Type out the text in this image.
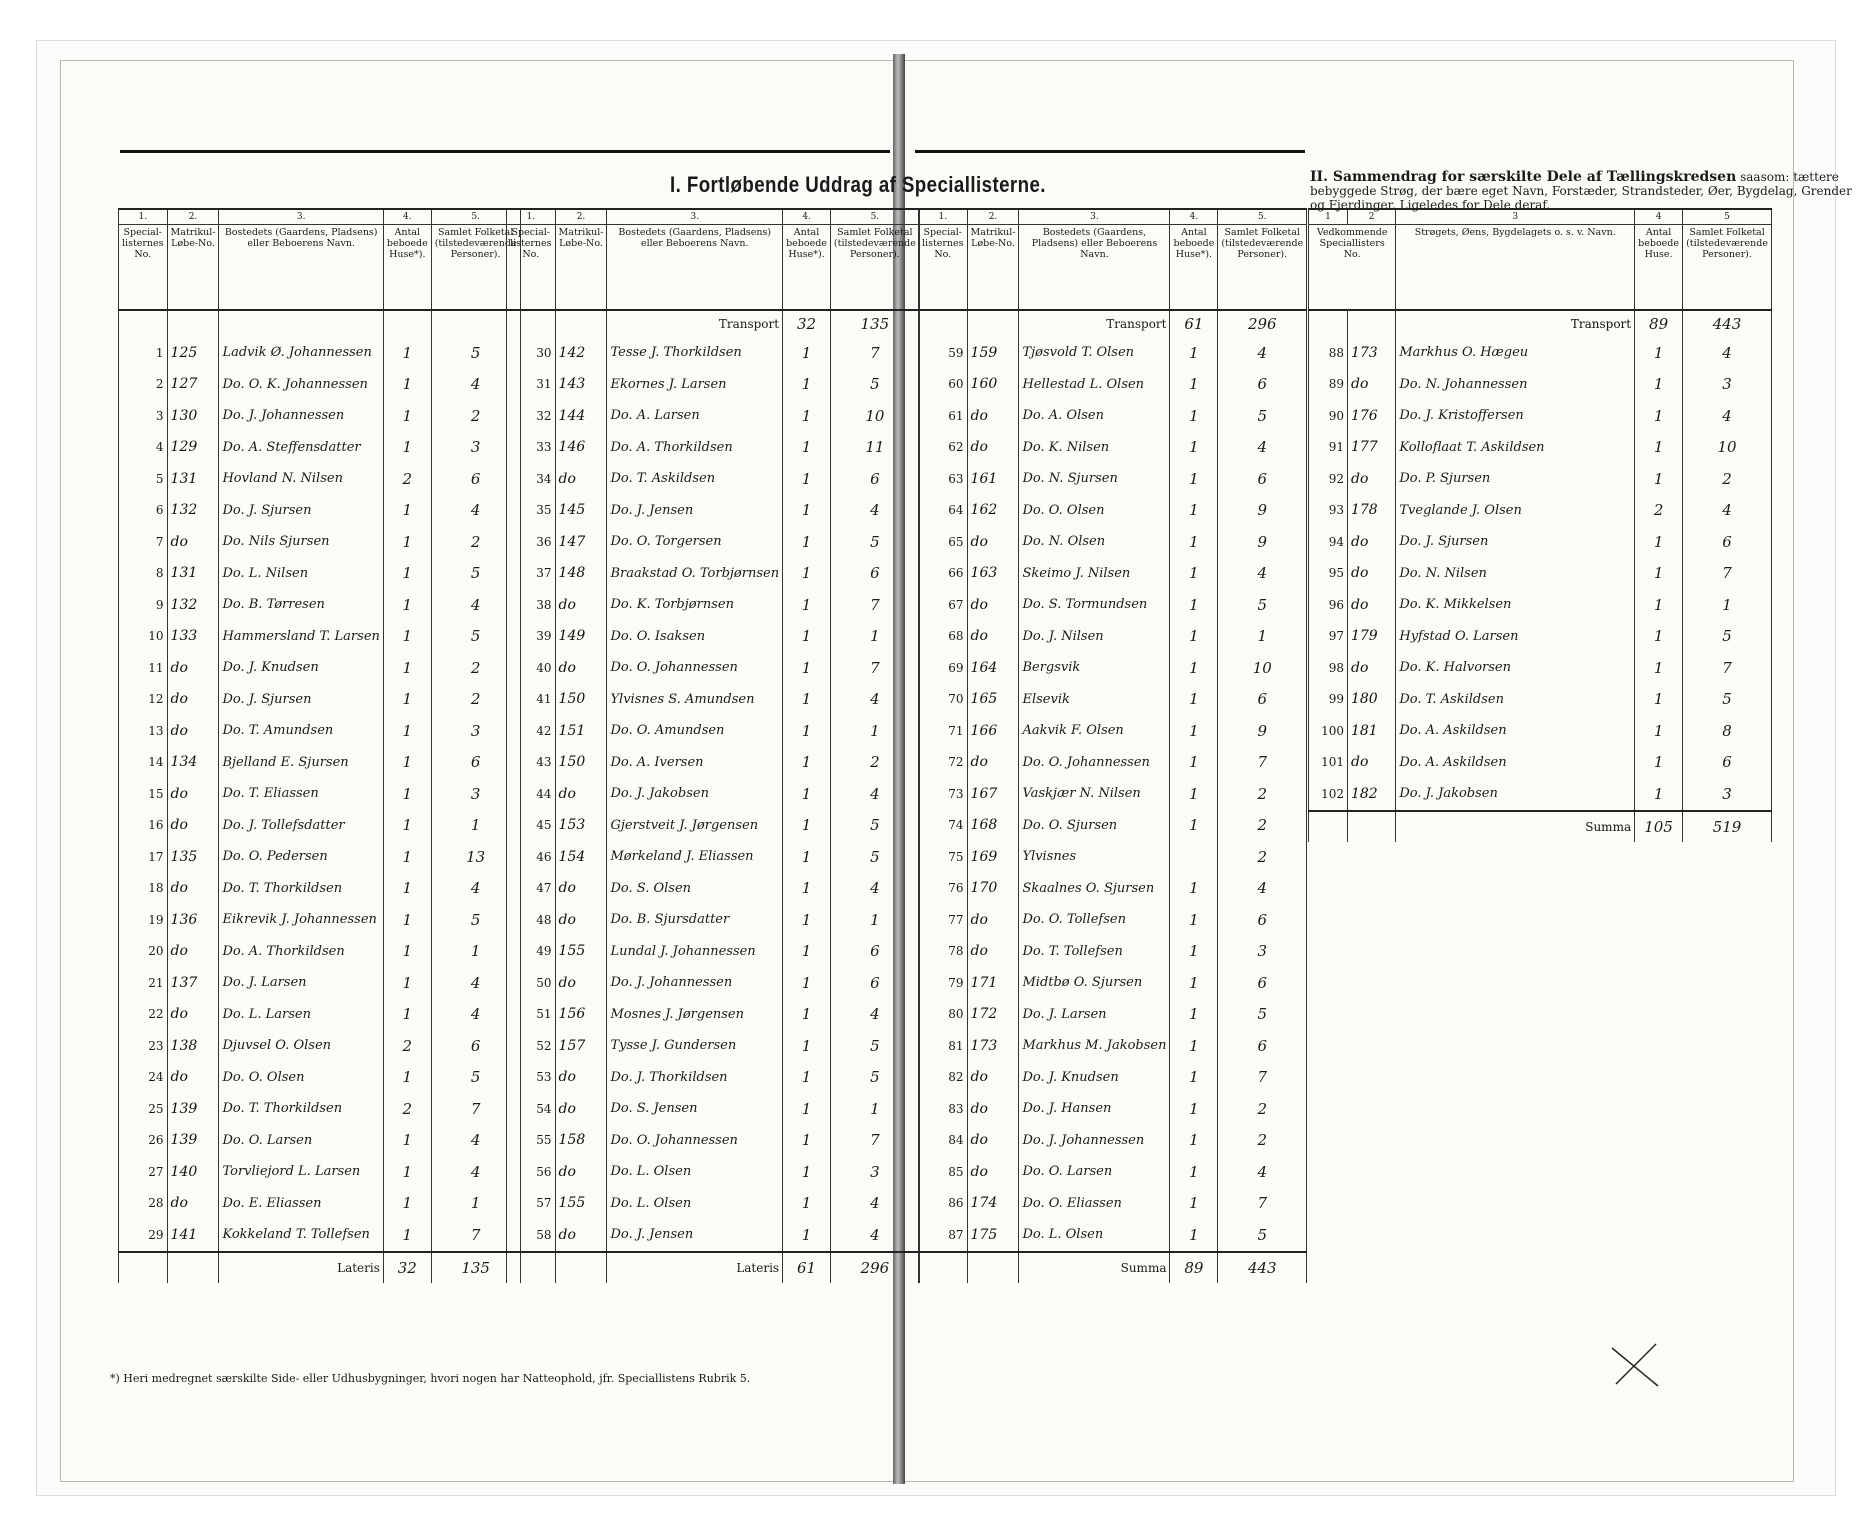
I. Fortløbende Uddrag af Speciallisterne.	II. Sammendrag for særskilte Dele af Tællingskredsen saasom: tættere bebyggede Strøg, der bære eget Navn, Forstæder, Strandsteder, Øer, Bygdelag, Grender og Fjerdinger. Ligeledes for Dele deraf.
1.	2.	3.	4.	5.
Special-listernes No.	Matrikul-Løbe-No.	Bostedets (Gaardens, Pladsens) eller Beboerens Navn.	Antal beboede Huse*).	Samlet Folketal (tilstedeværende Personer).

1	125	Ladvik Ø. Johannessen	1	5
2	127	Do. O. K. Johannessen	1	4
3	130	Do. J. Johannessen	1	2
4	129	Do. A. Steffensdatter	1	3
5	131	Hovland N. Nilsen	2	6
6	132	Do. J. Sjursen	1	4
7	do	Do. Nils Sjursen	1	2
8	131	Do. L. Nilsen	1	5
9	132	Do. B. Tørresen	1	4
10	133	Hammersland T. Larsen	1	5
11	do	Do. J. Knudsen	1	2
12	do	Do. J. Sjursen	1	2
13	do	Do. T. Amundsen	1	3
14	134	Bjelland E. Sjursen	1	6
15	do	Do. T. Eliassen	1	3
16	do	Do. J. Tollefsdatter	1	1
17	135	Do. O. Pedersen	1	13
18	do	Do. T. Thorkildsen	1	4
19	136	Eikrevik J. Johannessen	1	5
20	do	Do. A. Thorkildsen	1	1
21	137	Do. J. Larsen	1	4
22	do	Do. L. Larsen	1	4
23	138	Djuvsel O. Olsen	2	6
24	do	Do. O. Olsen	1	5
25	139	Do. T. Thorkildsen	2	7
26	139	Do. O. Larsen	1	4
27	140	Torvliejord L. Larsen	1	4
28	do	Do. E. Eliassen	1	1
29	141	Kokkeland T. Tollefsen	1	7
		Lateris	32	135
1.	2.	3.	4.	5.
Special-listernes No.	Matrikul-Løbe-No.	Bostedets (Gaardens, Pladsens) eller Beboerens Navn.	Antal beboede Huse*).	Samlet Folketal (tilstedeværende Personer).
		Transport	32	135
30	142	Tesse J. Thorkildsen	1	7
31	143	Ekornes J. Larsen	1	5
32	144	Do. A. Larsen	1	10
33	146	Do. A. Thorkildsen	1	11
34	do	Do. T. Askildsen	1	6
35	145	Do. J. Jensen	1	4
36	147	Do. O. Torgersen	1	5
37	148	Braakstad O. Torbjørnsen	1	6
38	do	Do. K. Torbjørnsen	1	7
39	149	Do. O. Isaksen	1	1
40	do	Do. O. Johannessen	1	7
41	150	Ylvisnes S. Amundsen	1	4
42	151	Do. O. Amundsen	1	1
43	150	Do. A. Iversen	1	2
44	do	Do. J. Jakobsen	1	4
45	153	Gjerstveit J. Jørgensen	1	5
46	154	Mørkeland J. Eliassen	1	5
47	do	Do. S. Olsen	1	4
48	do	Do. B. Sjursdatter	1	1
49	155	Lundal J. Johannessen	1	6
50	do	Do. J. Johannessen	1	6
51	156	Mosnes J. Jørgensen	1	4
52	157	Tysse J. Gundersen	1	5
53	do	Do. J. Thorkildsen	1	5
54	do	Do. S. Jensen	1	1
55	158	Do. O. Johannessen	1	7
56	do	Do. L. Olsen	1	3
57	155	Do. L. Olsen	1	4
58	do	Do. J. Jensen	1	4
		Lateris	61	296
1.	2.	3.	4.	5.
Special-listernes No.	Matrikul-Løbe-No.	Bostedets (Gaardens, Pladsens) eller Beboerens Navn.	Antal beboede Huse*).	Samlet Folketal (tilstedeværende Personer).
		Transport	61	296
59	159	Tjøsvold T. Olsen	1	4
60	160	Hellestad L. Olsen	1	6
61	do	Do. A. Olsen	1	5
62	do	Do. K. Nilsen	1	4
63	161	Do. N. Sjursen	1	6
64	162	Do. O. Olsen	1	9
65	do	Do. N. Olsen	1	9
66	163	Skeimo J. Nilsen	1	4
67	do	Do. S. Tormundsen	1	5
68	do	Do. J. Nilsen	1	1
69	164	Bergsvik	1	10
70	165	Elsevik	1	6
71	166	Aakvik F. Olsen	1	9
72	do	Do. O. Johannessen	1	7
73	167	Vaskjær N. Nilsen	1	2
74	168	Do. O. Sjursen	1	2
75	169	Ylvisnes		2
76	170	Skaalnes O. Sjursen	1	4
77	do	Do. O. Tollefsen	1	6
78	do	Do. T. Tollefsen	1	3
79	171	Midtbø O. Sjursen	1	6
80	172	Do. J. Larsen	1	5
81	173	Markhus M. Jakobsen	1	6
82	do	Do. J. Knudsen	1	7
83	do	Do. J. Hansen	1	2
84	do	Do. J. Johannessen	1	2
85	do	Do. O. Larsen	1	4
86	174	Do. O. Eliassen	1	7
87	175	Do. L. Olsen	1	5
		Summa	89	443
1	2	3	4	5
Vedkommende Speciallisters No.		Strøgets, Øens, Bygdelagets o. s. v. Navn.	Antal beboede Huse.	Samlet Folketal (tilstedeværende Personer).
		Transport	89	443
88	173	Markhus O. Hægeu	1	4
89	do	Do. N. Johannessen	1	3
90	176	Do. J. Kristoffersen	1	4
91	177	Kolloflaat T. Askildsen	1	10
92	do	Do. P. Sjursen	1	2
93	178	Tveglande J. Olsen	2	4
94	do	Do. J. Sjursen	1	6
95	do	Do. N. Nilsen	1	7
96	do	Do. K. Mikkelsen	1	1
97	179	Hyfstad O. Larsen	1	5
98	do	Do. K. Halvorsen	1	7
99	180	Do. T. Askildsen	1	5
100	181	Do. A. Askildsen	1	8
101	do	Do. A. Askildsen	1	6
102	182	Do. J. Jakobsen	1	3
		Summa	105	519
*) Heri medregnet særskilte Side- eller Udhusbygninger, hvori nogen har Natteophold, jfr. Speciallistens Rubrik 5.
